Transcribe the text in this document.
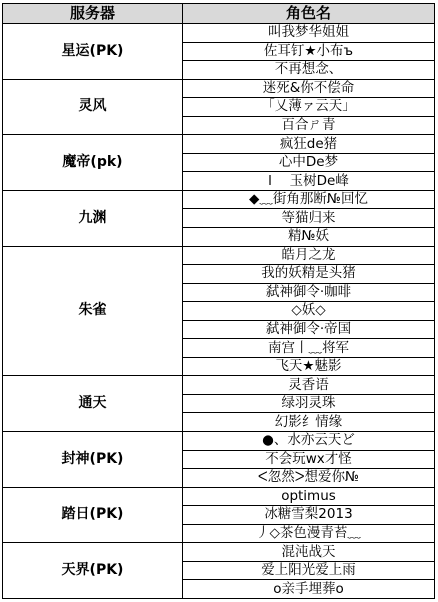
服务器	角色名
星运(PK)	叫我梦华姐姐
	佐耳钉★小布ъ
	不再想念、
灵风	迷死&你不偿命
	「乂薄ァ云天」
	百合ㄕ青
魔帝(pk)	疯狂de猪
	心中De梦
	l　 玉树De峰
九渊	◆﹏街角那断№回忆
	等猫归来
	精№妖
朱雀	皓月之龙
	我的妖精是头猪
	弑神御令·咖啡
	◇妖◇
	弑神御令·帝国
	南宫丨﹏将军
	飞天★魅影
通天	灵香语
	绿羽灵珠
	幻影纟情缘
封神(PK)	●、水亦云天ど
	不会玩wx才怪
	ᐸ忽然ᐳ想爱你№
踏日(PK)	optimus
	冰糖雪梨2013
	丿◇茶色漫青苔﹏
天界(PK)	混沌战天
	爱上阳光爱上雨
	o亲手埋葬o
